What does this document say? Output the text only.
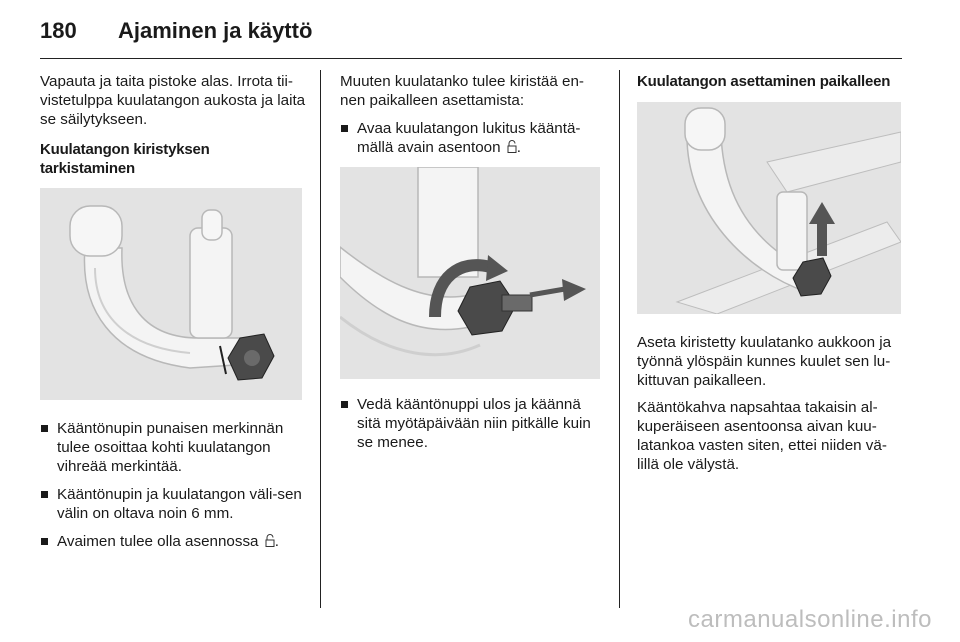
180	Ajaminen ja käyttö

Vapauta ja taita pistoke alas. Irrota tii-vistetulppa kuulatangon aukosta ja laita se säilytykseen.

Kuulatangon kiristyksen
tarkistaminen
Kääntönupin punaisen merkinnän tulee osoittaa kohti kuulatangon vihreää merkintää.
Kääntönupin ja kuulatangon väli-sen välin on oltava noin 6 mm.
Avaimen tulee olla asennossa .

Muuten kuulatanko tulee kiristää en-nen paikalleen asettamista:

Avaa kuulatangon lukitus kääntä-mällä avain asentoon .
Vedä kääntönuppi ulos ja käännä sitä myötäpäivään niin pitkälle kuin se menee.
Kuulatangon asettaminen paikalleen

Aseta kiristetty kuulatanko aukkoon ja työnnä ylöspäin kunnes kuulet sen lu-kittuvan paikalleen.

Kääntökahva napsahtaa takaisin al-kuperäiseen asentoonsa aivan kuu-latankoa vasten siten, ettei niiden vä-lillä ole välystä.

carmanualsonline.info
